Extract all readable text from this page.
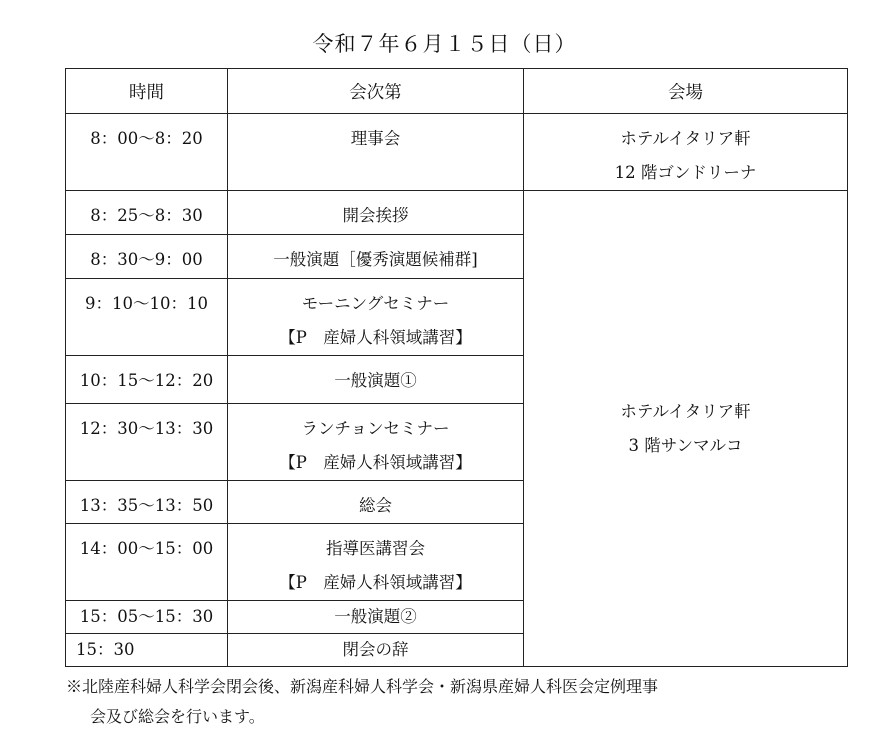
令和７年６月１５日（日）
時間	会次第	会場

8：00〜8：20	理事会	ホテルイタリア軒
12 階ゴンドリーナ

8：25〜8：30	開会挨拶	ホテルイタリア軒
3 階サンマルコ

8：30〜9：00	一般演題［優秀演題候補群]	

9：10〜10：10	モーニングセミナー
【P　産婦人科領域講習】	

10：15〜12：20	一般演題①	

12：30〜13：30	ランチョンセミナー
【P　産婦人科領域講習】	

13：35〜13：50	総会	

14：00〜15：00	指導医講習会
【P　産婦人科領域講習】	

15：05〜15：30	一般演題②	

15：30	閉会の辞	
※北陸産科婦人科学会閉会後、新潟産科婦人科学会・新潟県産婦人科医会定例理事
会及び総会を行います。
